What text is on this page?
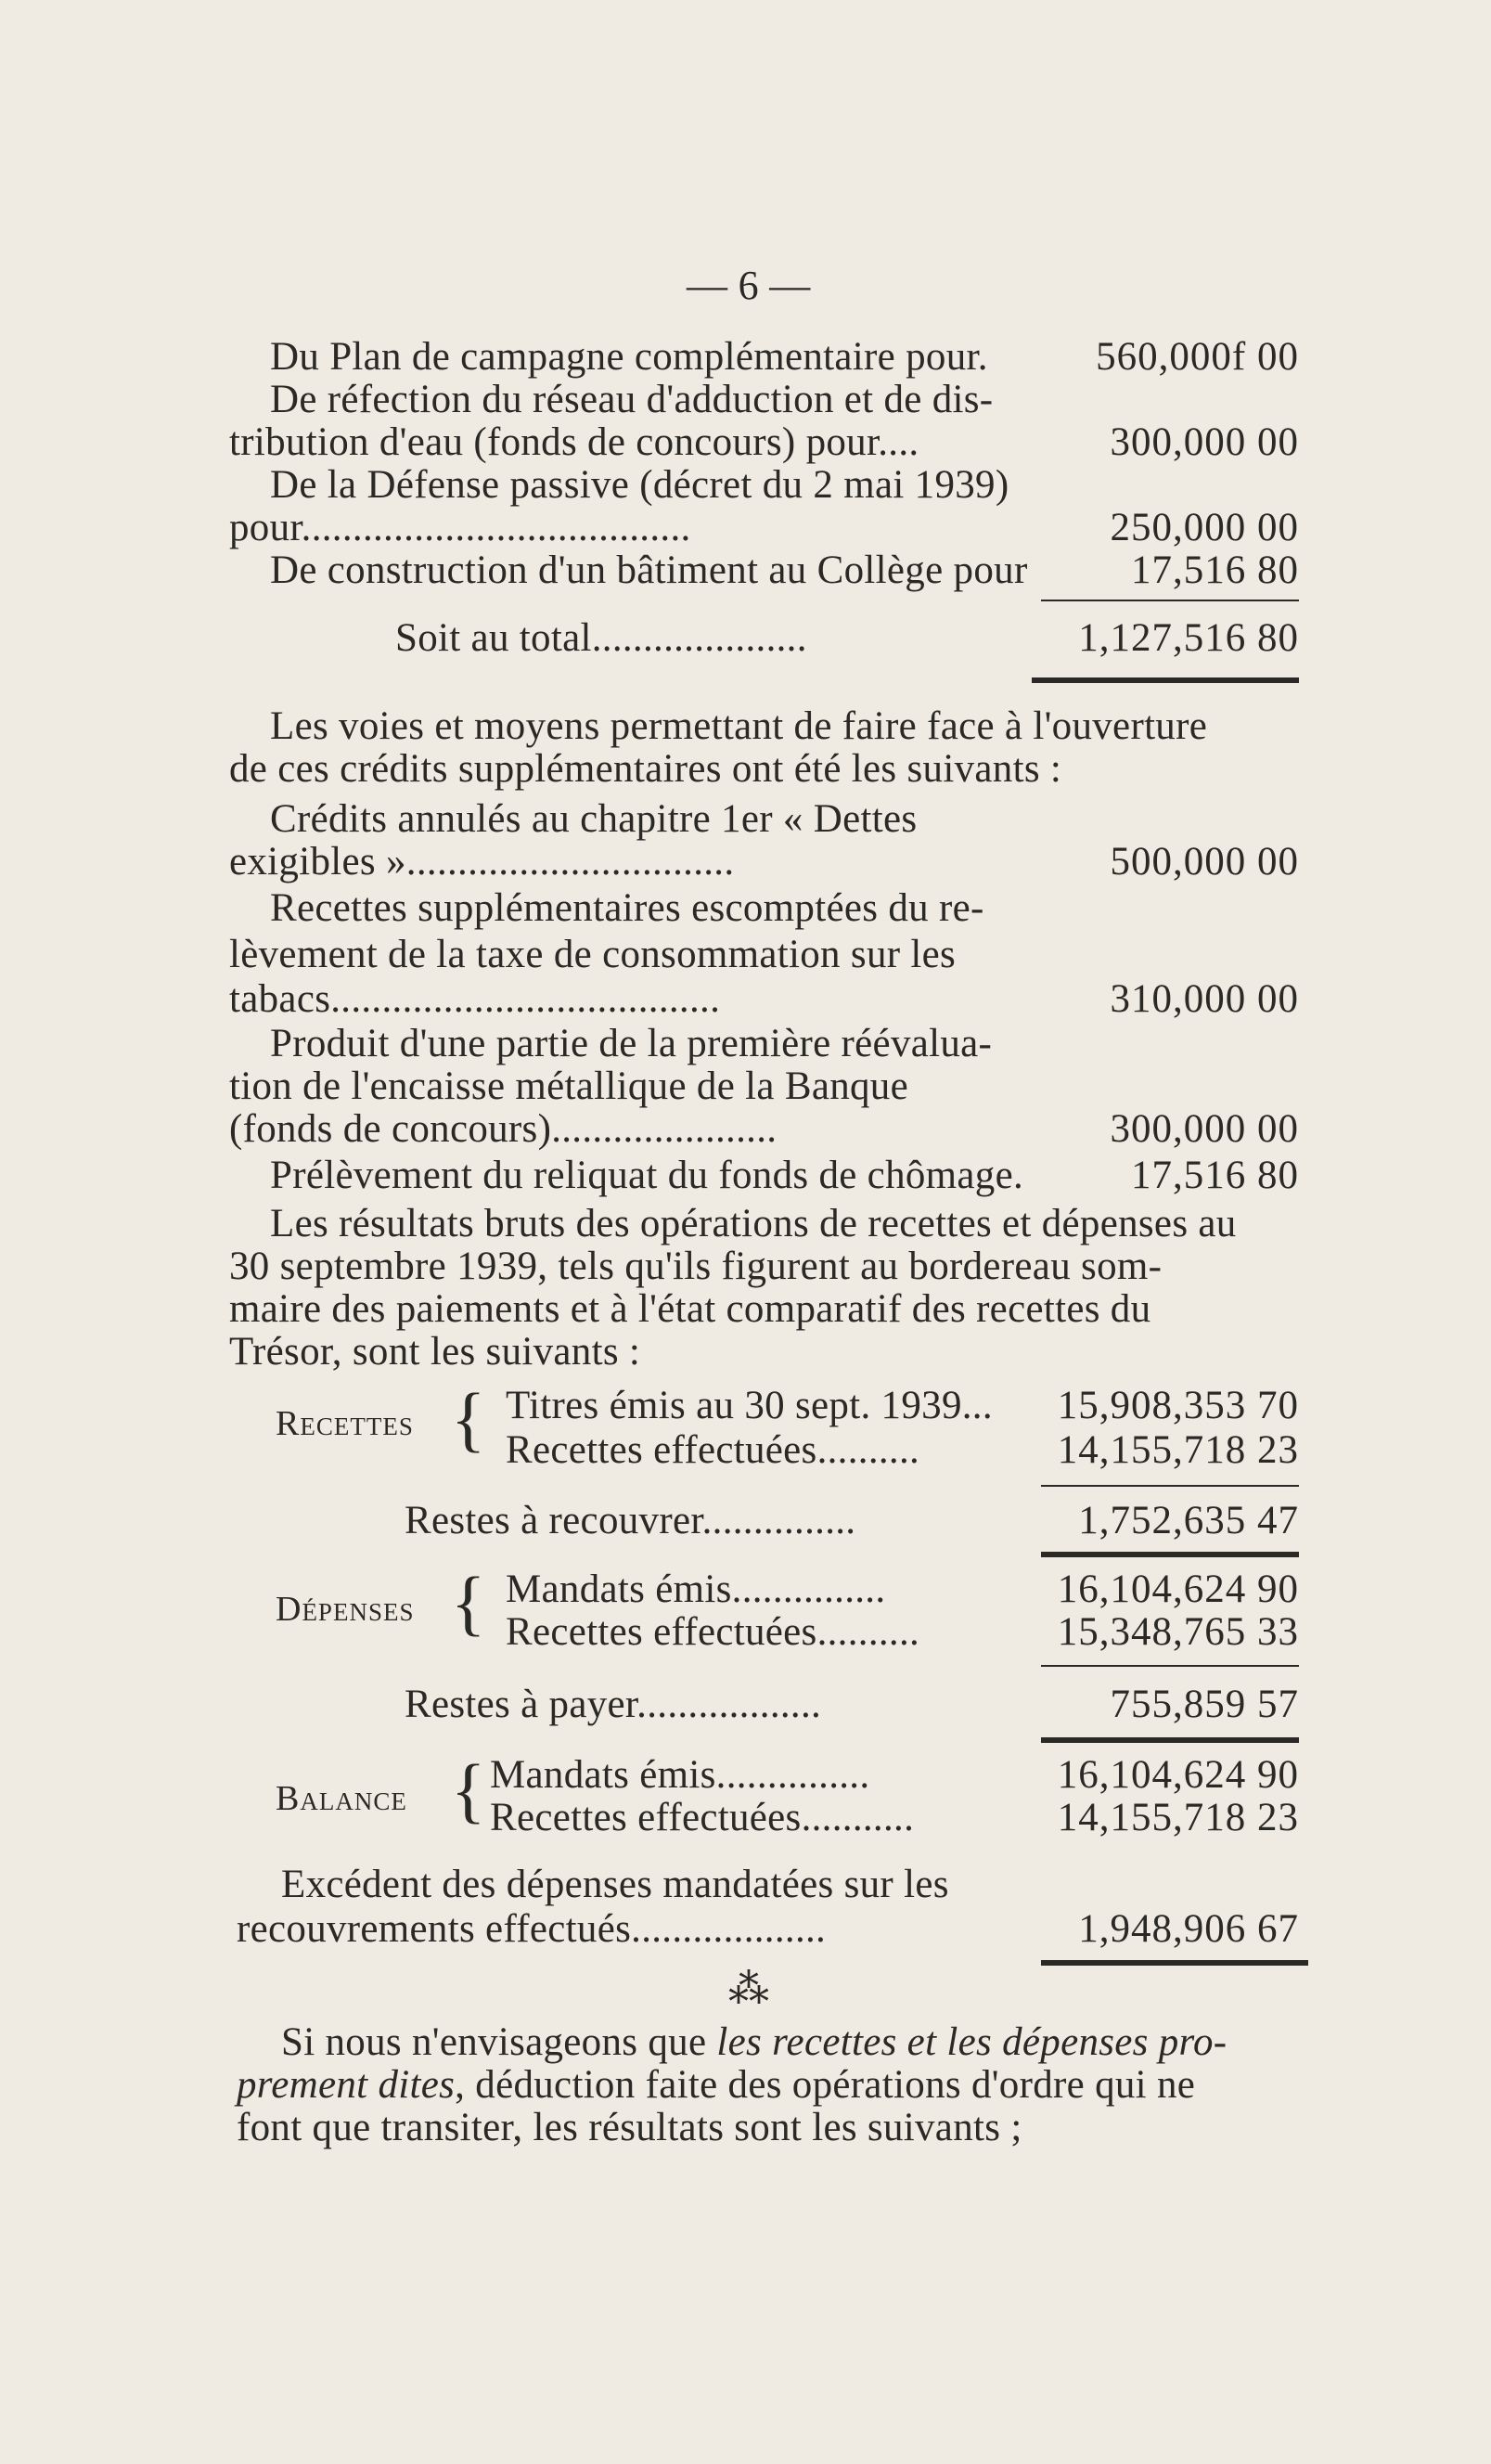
— 6 —
Du Plan de campagne complémentaire pour.	560,000f 00
De réfection du réseau d'adduction et de dis-
tribution d'eau (fonds de concours) pour....	300,000 00
De la Défense passive (décret du 2 mai 1939)
pour......................................	250,000 00
De construction d'un bâtiment au Collège pour	17,516 80
Soit au total.....................	1,127,516 80
Les voies et moyens permettant de faire face à l'ouverture
de ces crédits supplémentaires ont été les suivants :
Crédits annulés au chapitre 1er « Dettes
exigibles »................................	500,000 00
Recettes supplémentaires escomptées du re-
lèvement de la taxe de consommation sur les
tabacs......................................	310,000 00
Produit d'une partie de la première réévalua-
tion de l'encaisse métallique de la Banque
(fonds de concours)......................	300,000 00
Prélèvement du reliquat du fonds de chômage.	17,516 80
Les résultats bruts des opérations de recettes et dépenses au
30 septembre 1939, tels qu'ils figurent au bordereau som-
maire des paiements et à l'état comparatif des recettes du
Trésor, sont les suivants :
Recettes { Titres émis au 30 sept. 1939... 15,908,353 70
Recettes effectuées..........	14,155,718 23
Restes à recouvrer...............	1,752,635 47
Dépenses { Mandats émis...............	16,104,624 90
Recettes effectuées..........	15,348,765 33
Restes à payer..................	755,859 57
Balance { Mandats émis...............	16,104,624 90
Recettes effectuées...........	14,155,718 23
Excédent des dépenses mandatées sur les
recouvrements effectués...................	1,948,906 67
⁂
Si nous n'envisageons que les recettes et les dépenses pro-
prement dites, déduction faite des opérations d'ordre qui ne
font que transiter, les résultats sont les suivants ;
